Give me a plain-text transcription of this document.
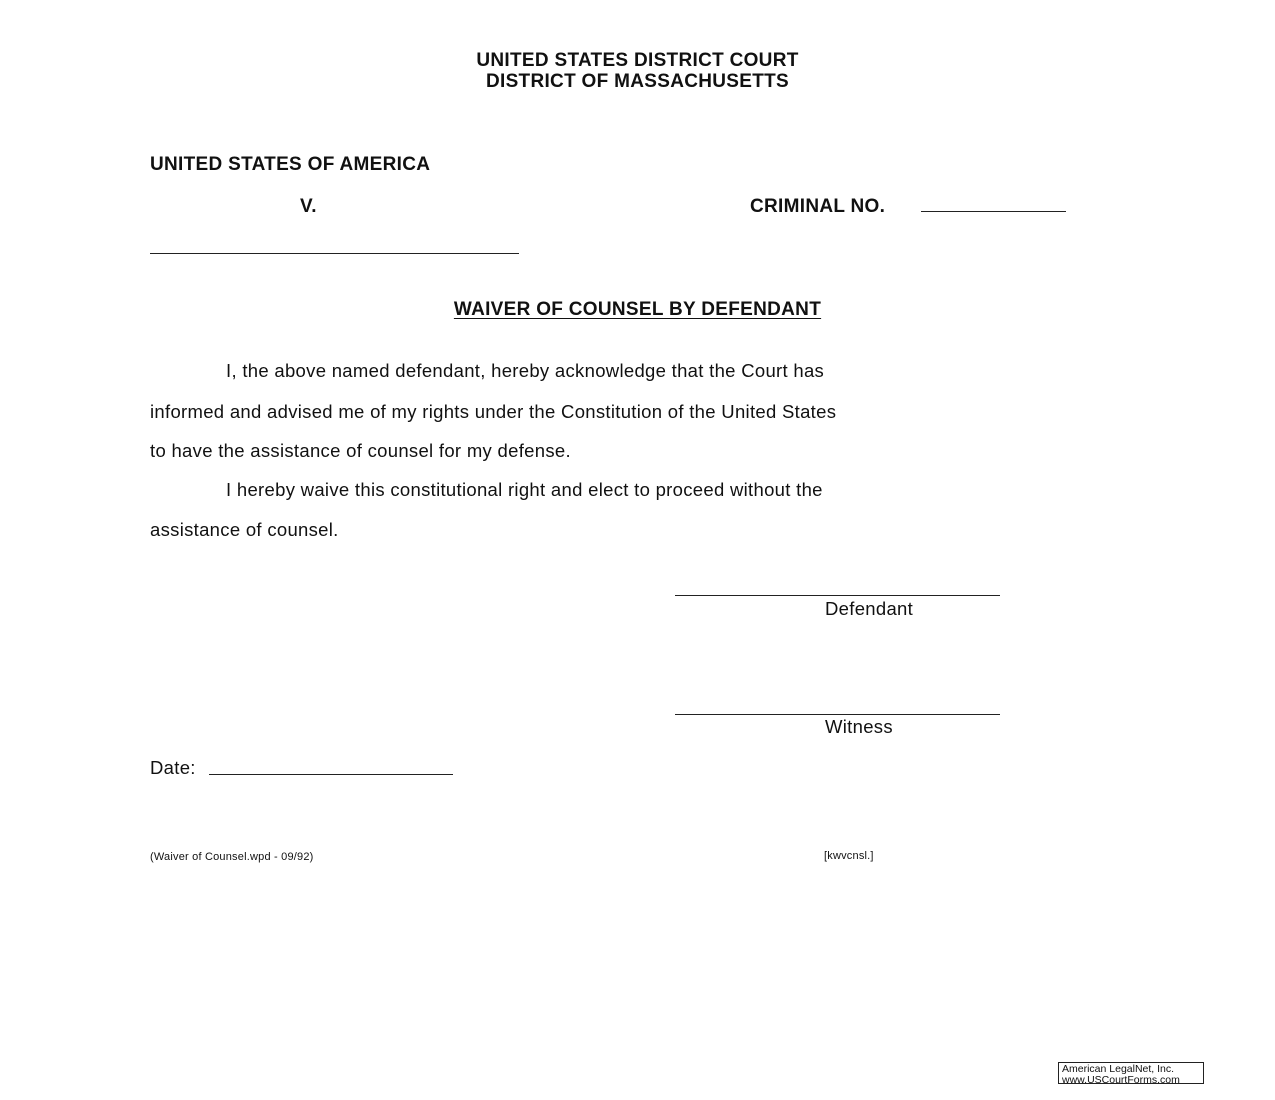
UNITED STATES DISTRICT COURT
DISTRICT OF MASSACHUSETTS
UNITED STATES OF AMERICA
V.	CRIMINAL NO.
WAIVER OF COUNSEL BY DEFENDANT
I, the above named defendant, hereby acknowledge that the Court has
informed and advised me of my rights under the Constitution of the United States
to have the assistance of counsel for my defense.
I hereby waive this constitutional right and elect to proceed without the
assistance of counsel.
Defendant
Witness
Date:
(Waiver of Counsel.wpd - 09/92)	[kwvcnsl.]
American LegalNet, Inc.
www.USCourtForms.com
